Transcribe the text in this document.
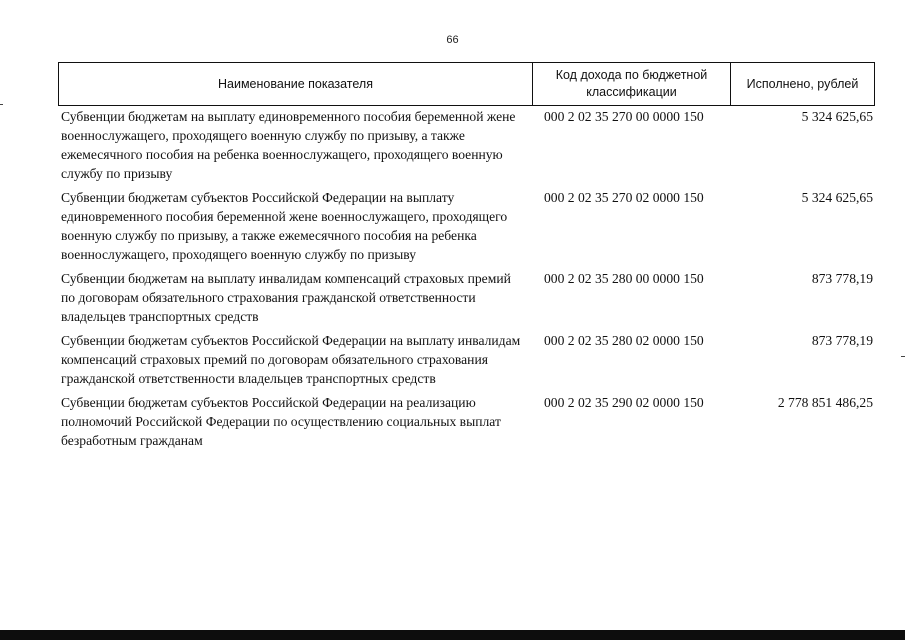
66
Наименование показателя
Код дохода по бюджетной классификации
Исполнено, рублей
Субвенции бюджетам на выплату единовременного пособия беременной жене военнослужащего, проходящего военную службу по призыву, а также ежемесячного пособия на ребенка военнослужащего, проходящего военную службу по призыву
000 2 02 35 270 00 0000 150	5 324 625,65
Субвенции бюджетам субъектов Российской Федерации на выплату единовременного пособия беременной жене военнослужащего, проходящего военную службу по призыву, а также ежемесячного пособия на ребенка военнослужащего, проходящего военную службу по призыву
000 2 02 35 270 02 0000 150	5 324 625,65
Субвенции бюджетам на выплату инвалидам компенсаций страховых премий по договорам обязательного страхования гражданской ответственности владельцев транспортных средств
000 2 02 35 280 00 0000 150	873 778,19
Субвенции бюджетам субъектов Российской Федерации на выплату инвалидам компенсаций страховых премий по договорам обязательного страхования гражданской ответственности владельцев транспортных средств
000 2 02 35 280 02 0000 150	873 778,19
Субвенции бюджетам субъектов Российской Федерации на реализацию полномочий Российской Федерации по осуществлению социальных выплат безработным гражданам
000 2 02 35 290 02 0000 150	2 778 851 486,25
